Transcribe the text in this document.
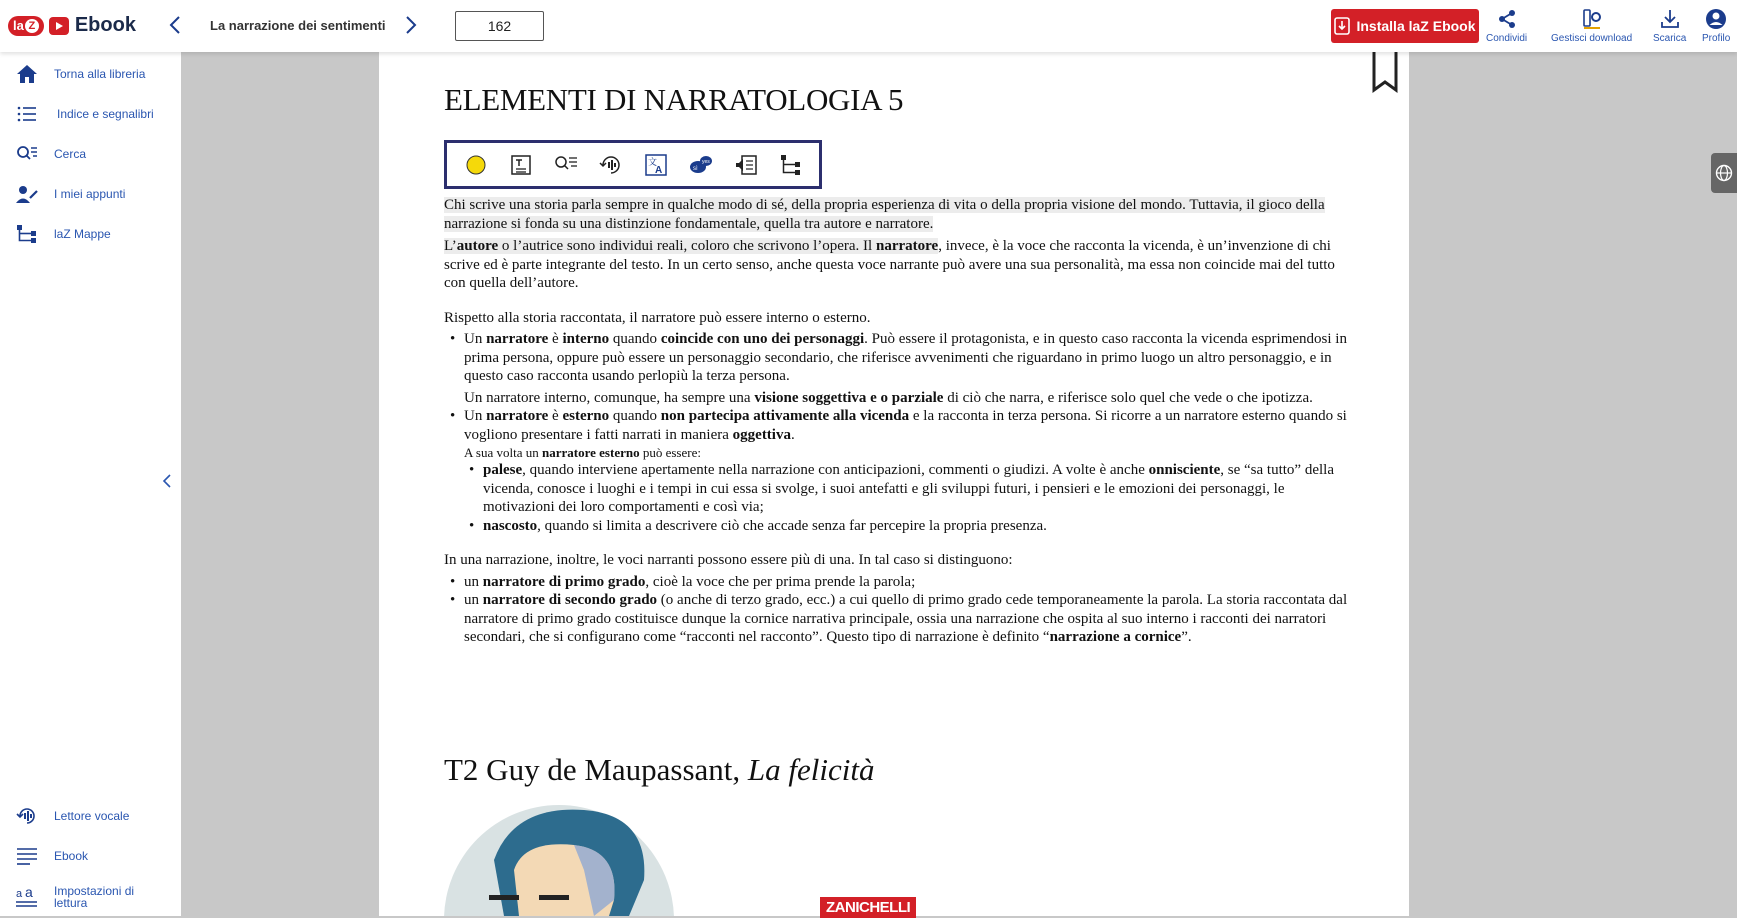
la Z Ebook	La narrazione dei sentimenti
162	Installa laZ Ebook
Condividi Gestisci download Scarica Profilo
Torna alla libreria
Indice e segnalibri
Cerca
I miei appunti
laZ Mappe
Lettore vocale
Ebook
a a Impostazioni di lettura
ELEMENTI DI NARRATOLOGIA 5
文
A	sì
yes

Chi scrive una storia parla sempre in qualche modo di sé, della propria esperienza di vita o della propria visione del mondo. Tuttavia, il gioco della narrazione si fonda su una distinzione fondamentale, quella tra autore e narratore.

L’autore o l’autrice sono individui reali, coloro che scrivono l’opera. Il narratore, invece, è la voce che racconta la vicenda, è un’invenzione di chi scrive ed è parte integrante del testo. In un certo senso, anche questa voce narrante può avere una sua personalità, ma essa non coincide mai del tutto con quella dell’autore.

Rispetto alla storia raccontata, il narratore può essere interno o esterno.

• Un narratore è interno quando coincide con uno dei personaggi. Può essere il protagonista, e in questo caso racconta la vicenda esprimendosi in prima persona, oppure può essere un personaggio secondario, che riferisce avvenimenti che riguardano in primo luogo un altro personaggio, e in questo caso racconta usando perlopiù la terza persona.

Un narratore interno, comunque, ha sempre una visione soggettiva e o parziale di ciò che narra, e riferisce solo quel che vede o che ipotizza.

• Un narratore è esterno quando non partecipa attivamente alla vicenda e la racconta in terza persona. Si ricorre a un narratore esterno quando si vogliono presentare i fatti narrati in maniera oggettiva.

A sua volta un narratore esterno può essere:

• palese, quando interviene apertamente nella narrazione con anticipazioni, commenti o giudizi. A volte è anche onnisciente, se “sa tutto” della vicenda, conosce i luoghi e i tempi in cui essa si svolge, i suoi antefatti e gli sviluppi futuri, i pensieri e le emozioni dei personaggi, le motivazioni dei loro comportamenti e così via;
• nascosto, quando si limita a descrivere ciò che accade senza far percepire la propria presenza.

In una narrazione, inoltre, le voci narranti possono essere più di una. In tal caso si distinguono:

• un narratore di primo grado, cioè la voce che per prima prende la parola;
• un narratore di secondo grado (o anche di terzo grado, ecc.) a cui quello di primo grado cede temporaneamente la parola. La storia raccontata dal narratore di primo grado costituisce dunque la cornice narrativa principale, ossia una narrazione che ospita al suo interno i racconti dei narratori secondari, che si configurano come “racconti nel racconto”. Questo tipo di narrazione è definito “narrazione a cornice”.
T2 Guy de Maupassant, La felicità
ZANICHELLI
